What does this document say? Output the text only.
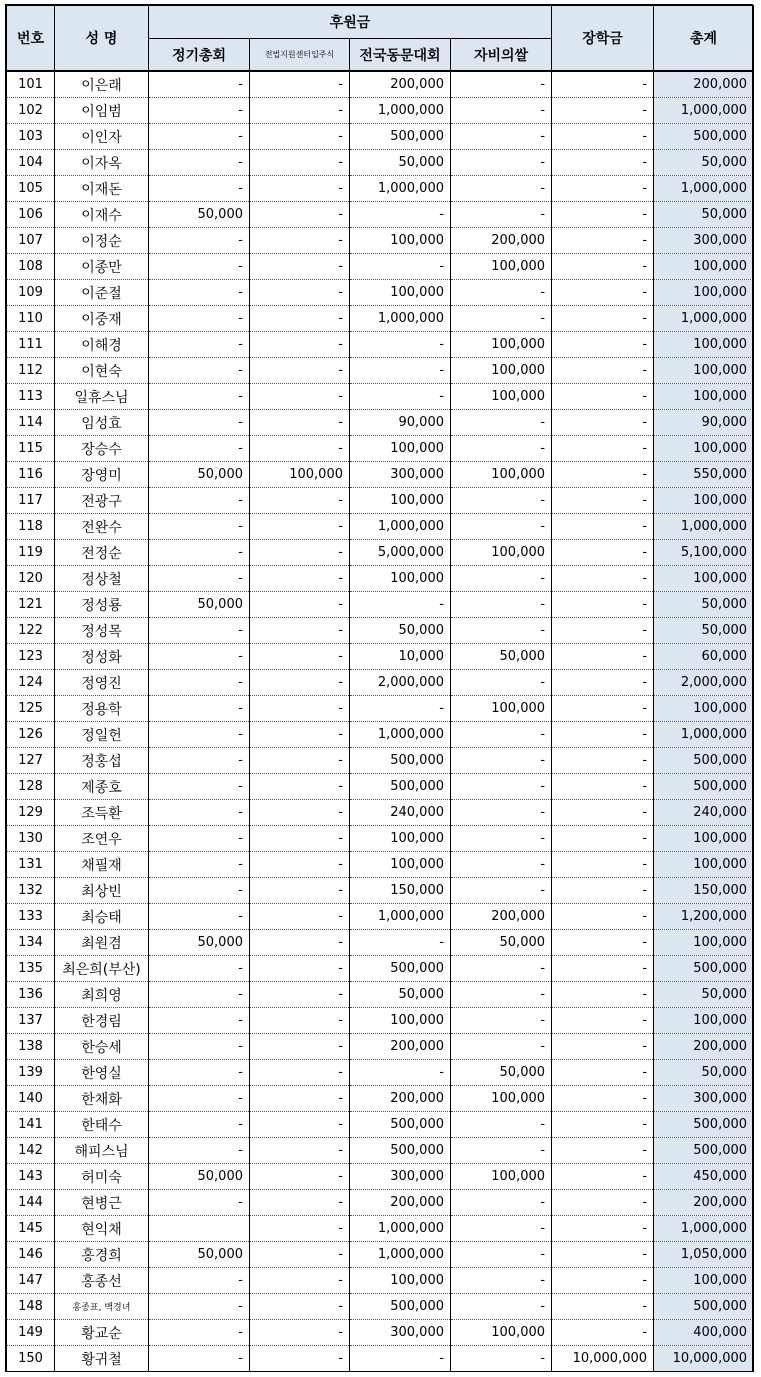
번호	성 명	후원금				장학금	총계
		정기총회	전법지원센터입주식	전국동문대회	자비의쌀		
101	이은래	-	-	200,000	-	-	200,000
102	이임범	-	-	1,000,000	-	-	1,000,000
103	이인자	-	-	500,000	-	-	500,000
104	이자옥	-	-	50,000	-	-	50,000
105	이재돈	-	-	1,000,000	-	-	1,000,000
106	이재수	50,000	-	-	-	-	50,000
107	이정순	-	-	100,000	200,000	-	300,000
108	이종만	-	-	-	100,000	-	100,000
109	이준절	-	-	100,000	-	-	100,000
110	이중재	-	-	1,000,000	-	-	1,000,000
111	이해경	-	-	-	100,000	-	100,000
112	이현숙	-	-	-	100,000	-	100,000
113	일휴스님	-	-	-	100,000	-	100,000
114	임성효	-	-	90,000	-	-	90,000
115	장승수	-	-	100,000	-	-	100,000
116	장영미	50,000	100,000	300,000	100,000	-	550,000
117	전광구	-	-	100,000	-	-	100,000
118	전완수	-	-	1,000,000	-	-	1,000,000
119	전정순	-	-	5,000,000	100,000	-	5,100,000
120	정상철	-	-	100,000	-	-	100,000
121	정성룡	50,000	-	-	-	-	50,000
122	정성목	-	-	50,000	-	-	50,000
123	정성화	-	-	10,000	50,000	-	60,000
124	정영진	-	-	2,000,000	-	-	2,000,000
125	정용학	-	-	-	100,000	-	100,000
126	정일헌	-	-	1,000,000	-	-	1,000,000
127	정홍섭	-	-	500,000	-	-	500,000
128	제종호	-	-	500,000	-	-	500,000
129	조득환	-	-	240,000	-	-	240,000
130	조연우	-	-	100,000	-	-	100,000
131	채필재	-	-	100,000	-	-	100,000
132	최상빈	-	-	150,000	-	-	150,000
133	최승태	-	-	1,000,000	200,000	-	1,200,000
134	최원겸	50,000	-	-	50,000	-	100,000
135	최은희(부산)	-	-	500,000	-	-	500,000
136	최희영	-	-	50,000	-	-	50,000
137	한경림	-	-	100,000	-	-	100,000
138	한승세	-	-	200,000	-	-	200,000
139	한영실	-	-	-	50,000	-	50,000
140	한채화	-	-	200,000	100,000	-	300,000
141	한태수	-	-	500,000	-	-	500,000
142	해피스님	-	-	500,000	-	-	500,000
143	허미숙	50,000	-	300,000	100,000	-	450,000
144	현병근	-	-	200,000	-	-	200,000
145	현익채		-	1,000,000	-	-	1,000,000
146	홍경희	50,000	-	1,000,000	-	-	1,050,000
147	홍종선	-	-	100,000	-	-	100,000
148	홍종표, 백경녀	-	-	500,000	-	-	500,000
149	황교순	-	-	300,000	100,000	-	400,000
150	황귀철	-	-	-	-	10,000,000	10,000,000
